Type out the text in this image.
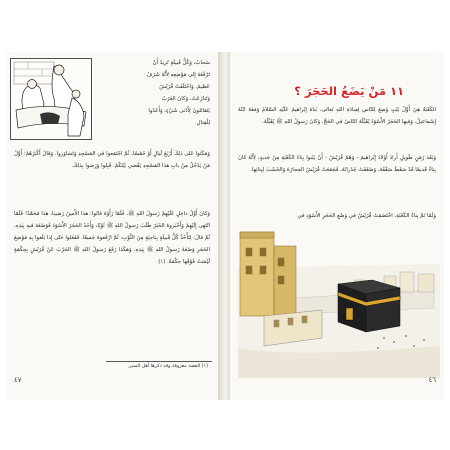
سَحابٌ، وَكُلُّ قَبيلَةٍ تُريدُ أَنْ
تَرْفَعَهُ إِلى مَوْضِعِهِ لِأَنَّهُ شَرَفٌ
عَظيمٌ. وَاخْتَلَفَتْ قُرَيْشٌ
وَتَنازَعَتْ، وَكانَ العَرَبُ
يَتَقاتَلونَ لِأَدْنى شَيْءٍ، وَأَعَدّوا
لِلْقِتالِ.

وَمَكَثوا عَلى ذلِكَ أَرْبَعَ لَيالٍ أَوْ خَمْسًا، ثُمَّ اجْتَمَعوا في المَسْجِدِ وَتَشاوَروا. وَقالَ أَكْبَرُهُمْ: أَوَّلُ مَنْ يَدْخُلُ مِنْ بابِ هذا المَسْجِدِ يَقْضي بَيْنَكُمْ. قَبِلوا وَرَضوا بِذلِكَ.

وَكانَ أَوَّلُ داخِلٍ عَلَيْهِمْ رَسولَ اللهِ ﷺ، فَلَمّا رَأَوْهُ قالوا: هذا الأَمينُ رَضينا، هذا مُحَمَّدٌ! فَلَمّا انْتَهى إِلَيْهِمْ وَأَخْبَروهُ الخَبَرَ طَلَبَ رَسولُ اللهِ ﷺ ثَوْبًا، وَأَخَذَ الحَجَرَ الأَسْوَدَ فَوَضَعَهُ فيهِ بِيَدِهِ، ثُمَّ قالَ: لِتَأْخُذْ كُلُّ قَبيلَةٍ بِناحِيَةٍ مِنَ الثَّوْبِ، ثُمَّ ارْفَعوهُ جَميعًا. فَفَعَلوا حَتّى إِذا بَلَغوا بِهِ مَوْضِعَ الحَجَرِ وَضَعَهُ رَسولُ اللهِ ﷺ بِيَدِهِ، وَهكَذا رَفَعَ رَسولُ اللهِ ﷺ الحَرْبَ عَنْ قُرَيْشٍ بِحِكْمَةٍ لَيْسَتْ فَوْقَها حِكْمَةٌ. (١)

(١) القصة معروفة وقد ذكرها أهل السير.
٤٧
١١ مَنْ يَضَعُ الحَجَرَ ؟

الكَعْبَةُ هِيَ أَوَّلُ بَيْتٍ وُضِعَ لِلنّاسِ لِعِبادَةِ اللهِ تَعالى، بَناهُ إِبْراهيمُ عَلَيْهِ السَّلامُ وَمَعَهُ ابْنُهُ إِسْماعيلُ، وَفيها الحَجَرُ الأَسْوَدُ يُقَبِّلُهُ النّاسُ في الحَجِّ، وَكانَ رَسولُ اللهِ ﷺ يُقَبِّلُهُ.

وَبَعْدَ زَمَنٍ طَويلٍ أَرادَ أَوْلادُ إِبْراهيمَ - وَهُمْ قُرَيْشٌ - أَنْ يَبْنوا بِناءَ الكَعْبَةِ مِنْ جَديدٍ، لِأَنَّهُ كانَ بِناءً قَديمًا قَدْ سَقَطَ سَقْفُهُ، وَضَعُفَتْ جُدْرانُهُ، فَجَمَعَتْ قُرَيْشٌ الحِجارَةَ وَالخَشَبَ لِبِنائِها.

وَلَمّا تَمَّ بِناءُ الكَعْبَةِ، اخْتَصَمَتْ قُرَيْشٌ في وَضْعِ الحَجَرِ الأَسْوَدِ في

٤٦
